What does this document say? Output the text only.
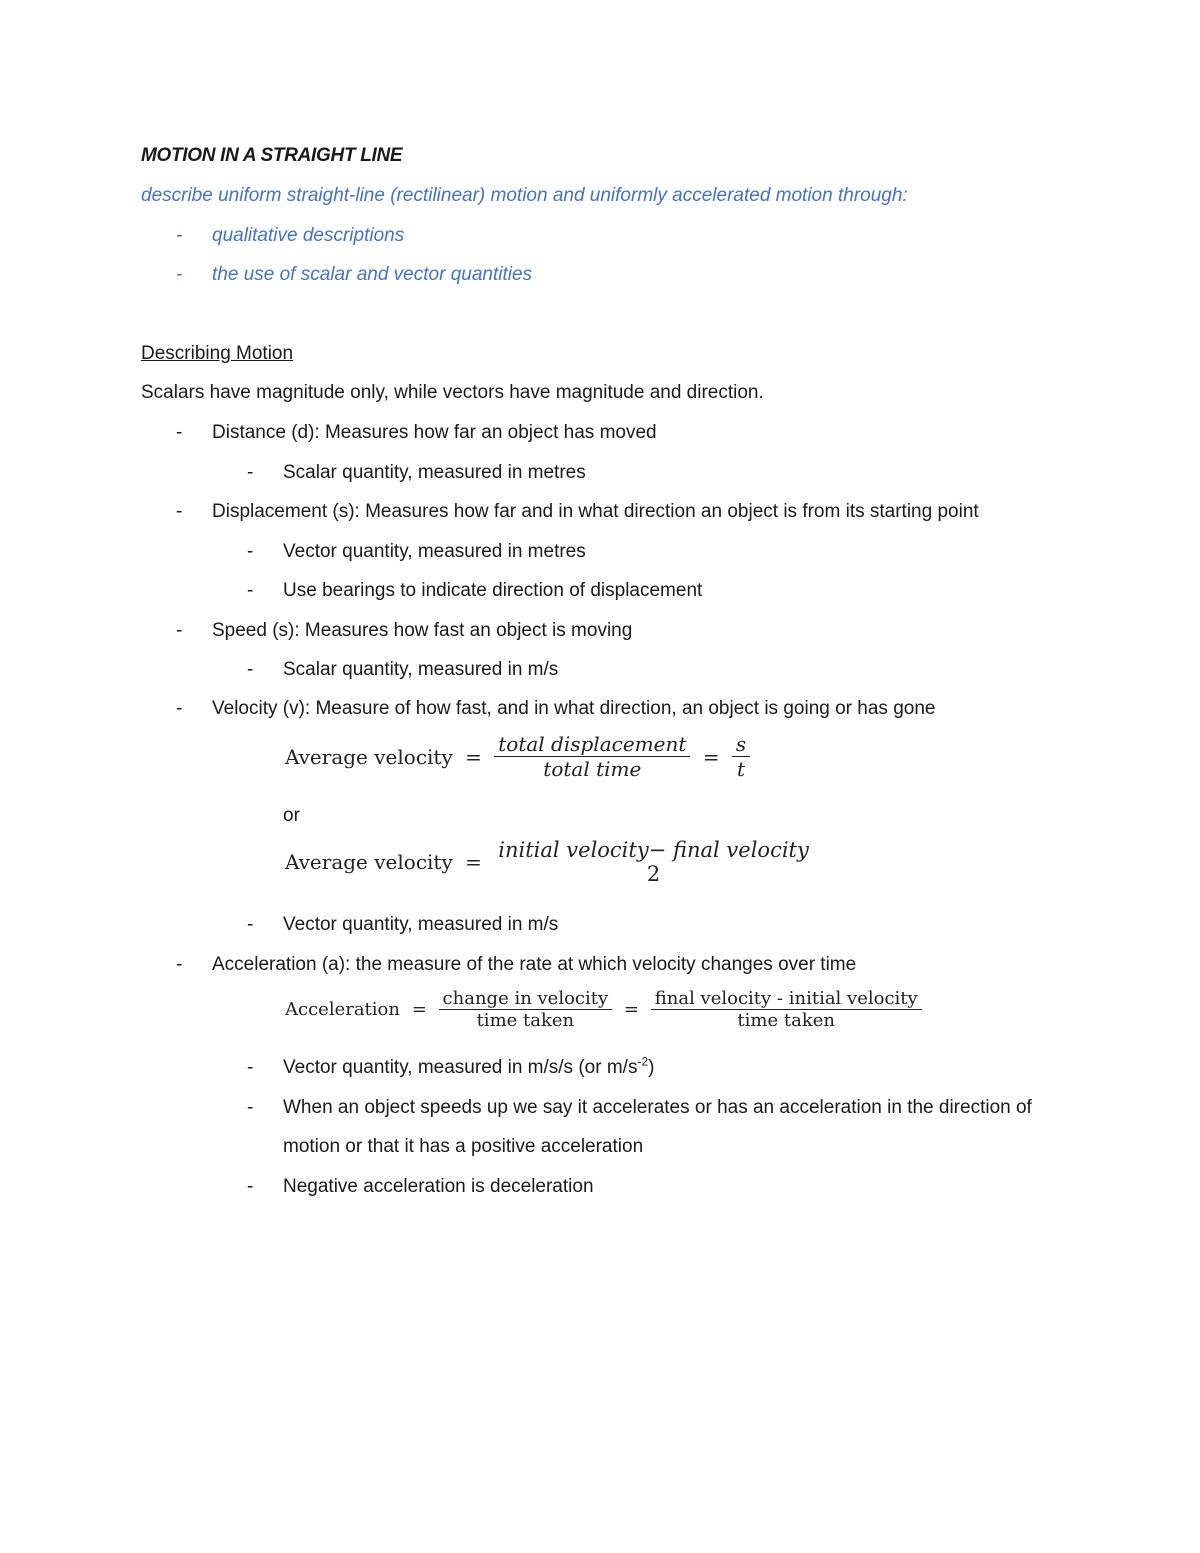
MOTION IN A STRAIGHT LINE
describe uniform straight-line (rectilinear) motion and uniformly accelerated motion through:
- qualitative descriptions
- the use of scalar and vector quantities
Describing Motion
Scalars have magnitude only, while vectors have magnitude and direction.
- Distance (d): Measures how far an object has moved
- Scalar quantity, measured in metres
- Displacement (s): Measures how far and in what direction an object is from its starting point
- Vector quantity, measured in metres
- Use bearings to indicate direction of displacement
- Speed (s): Measures how fast an object is moving
- Scalar quantity, measured in m/s
- Velocity (v): Measure of how fast, and in what direction, an object is going or has gone
Average velocity = $\frac{\text{total displacement}}{\text{total time}} = \frac{s}{t}$
or
Average velocity = initial velocity− final velocity
2
- Vector quantity, measured in m/s
- Acceleration (a): the measure of the rate at which velocity changes over time
Acceleration = $\frac{\text{change in velocity}}{\text{time taken}} = \frac{\text{final velocity - initial velocity}}{\text{time taken}}$
- Vector quantity, measured in m/s/s (or $m/s^{-2}$)
- When an object speeds up we say it accelerates or has an acceleration in the direction of
motion or that it has a positive acceleration
- Negative acceleration is deceleration
